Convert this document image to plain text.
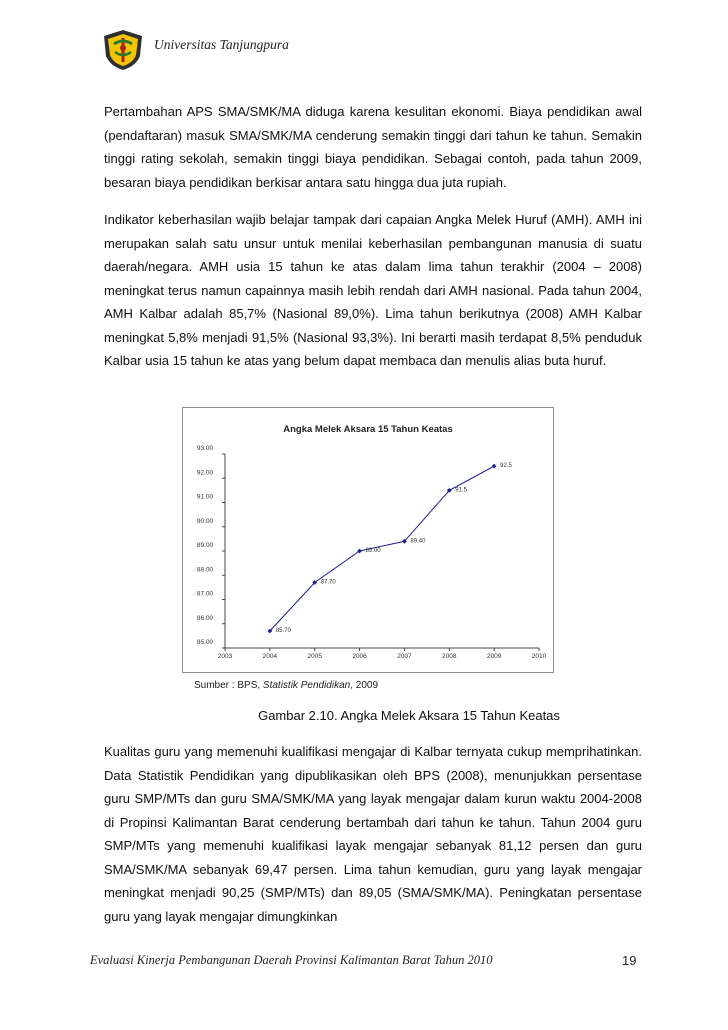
Universitas Tanjungpura

Pertambahan APS SMA/SMK/MA diduga karena kesulitan ekonomi. Biaya pendidikan awal (pendaftaran) masuk SMA/SMK/MA cenderung semakin tinggi dari tahun ke tahun. Semakin tinggi rating sekolah, semakin tinggi biaya pendidikan. Sebagai contoh, pada tahun 2009, besaran biaya pendidikan berkisar antara satu hingga dua juta rupiah.

Indikator keberhasilan wajib belajar tampak dari capaian Angka Melek Huruf (AMH). AMH ini merupakan salah satu unsur untuk menilai keberhasilan pembangunan manusia di suatu daerah/negara. AMH usia 15 tahun ke atas dalam lima tahun terakhir (2004 – 2008) meningkat terus namun capainnya masih lebih rendah dari AMH nasional. Pada tahun 2004, AMH Kalbar adalah 85,7% (Nasional 89,0%). Lima tahun berikutnya (2008) AMH Kalbar meningkat 5,8% menjadi 91,5% (Nasional 93,3%). Ini berarti masih terdapat 8,5% penduduk Kalbar usia 15 tahun ke atas yang belum dapat membaca dan menulis alias buta huruf.

Angka Melek Aksara 15 Tahun Keatas
85.00
86.00
87.00
88.00
89.00
90.00
91.00
92.00
93.00
2003	2004	2005	2006	2007	2008	2009	2010
85.70
87.70
89.00
89.40
91.5
92.5
Sumber : BPS, Statistik Pendidikan, 2009
Gambar 2.10. Angka Melek Aksara 15 Tahun Keatas

Kualitas guru yang memenuhi kualifikasi mengajar di Kalbar ternyata cukup memprihatinkan. Data Statistik Pendidikan yang dipublikasikan oleh BPS (2008), menunjukkan persentase guru SMP/MTs dan guru SMA/SMK/MA yang layak mengajar dalam kurun waktu 2004-2008 di Propinsi Kalimantan Barat cenderung bertambah dari tahun ke tahun. Tahun 2004 guru SMP/MTs yang memenuhi kualifikasi layak mengajar sebanyak 81,12 persen dan guru SMA/SMK/MA sebanyak 69,47 persen. Lima tahun kemudian, guru yang layak mengajar meningkat menjadi 90,25 (SMP/MTs) dan 89,05 (SMA/SMK/MA). Peningkatan persentase guru yang layak mengajar dimungkinkan

Evaluasi Kinerja Pembangunan Daerah Provinsi Kalimantan Barat Tahun 2010	19
